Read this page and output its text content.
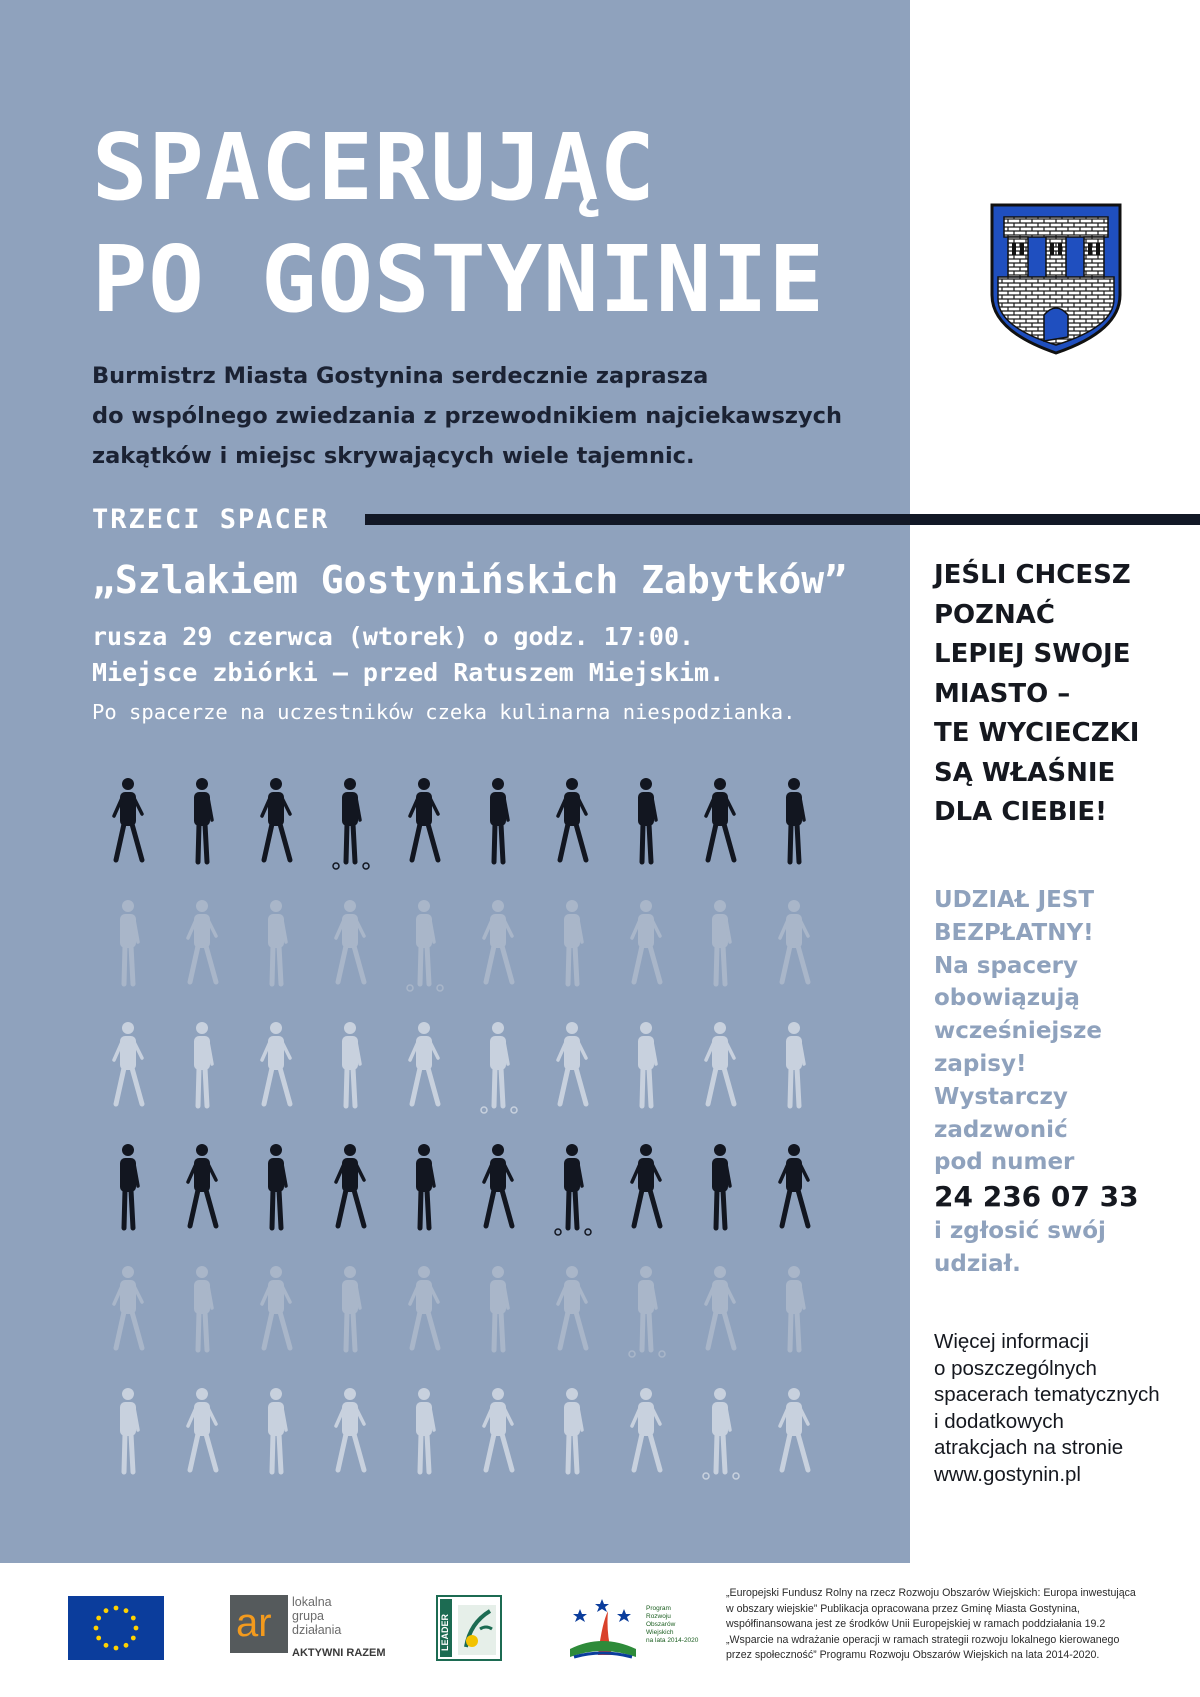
SPACERUJĄC
PO GOSTYNINIE
Burmistrz Miasta Gostynina serdecznie zaprasza
do wspólnego zwiedzania z przewodnikiem najciekawszych
zakątków i miejsc skrywających wiele tajemnic.
TRZECI SPACER
„Szlakiem Gostynińskich Zabytków”
rusza 29 czerwca (wtorek) o godz. 17:00.
Miejsce zbiórki – przed Ratuszem Miejskim.
Po spacerze na uczestników czeka kulinarna niespodzianka.
JEŚLI CHCESZ
POZNAĆ
LEPIEJ SWOJE
MIASTO –
TE WYCIECZKI
SĄ WŁAŚNIE
DLA CIEBIE!
UDZIAŁ JEST
BEZPŁATNY!
Na spacery
obowiązują
wcześniejsze
zapisy!
Wystarczy
zadzwonić
pod numer
24 236 07 33
i zgłosić swój
udział.
Więcej informacji
o poszczególnych
spacerach tematycznych
i dodatkowych
atrakcjach na stronie
www.gostynin.pl
ar lokalna
grupa
działania
AKTYWNI RAZEM
LEADER
Program
Rozwoju
Obszarów
Wiejskich
na lata 2014-2020
„Europejski Fundusz Rolny na rzecz Rozwoju Obszarów Wiejskich: Europa inwestująca
w obszary wiejskie” Publikacja opracowana przez Gminę Miasta Gostynina,
współfinansowana jest ze środków Unii Europejskiej w ramach poddziałania 19.2
„Wsparcie na wdrażanie operacji w ramach strategii rozwoju lokalnego kierowanego
przez społeczność” Programu Rozwoju Obszarów Wiejskich na lata 2014-2020.
